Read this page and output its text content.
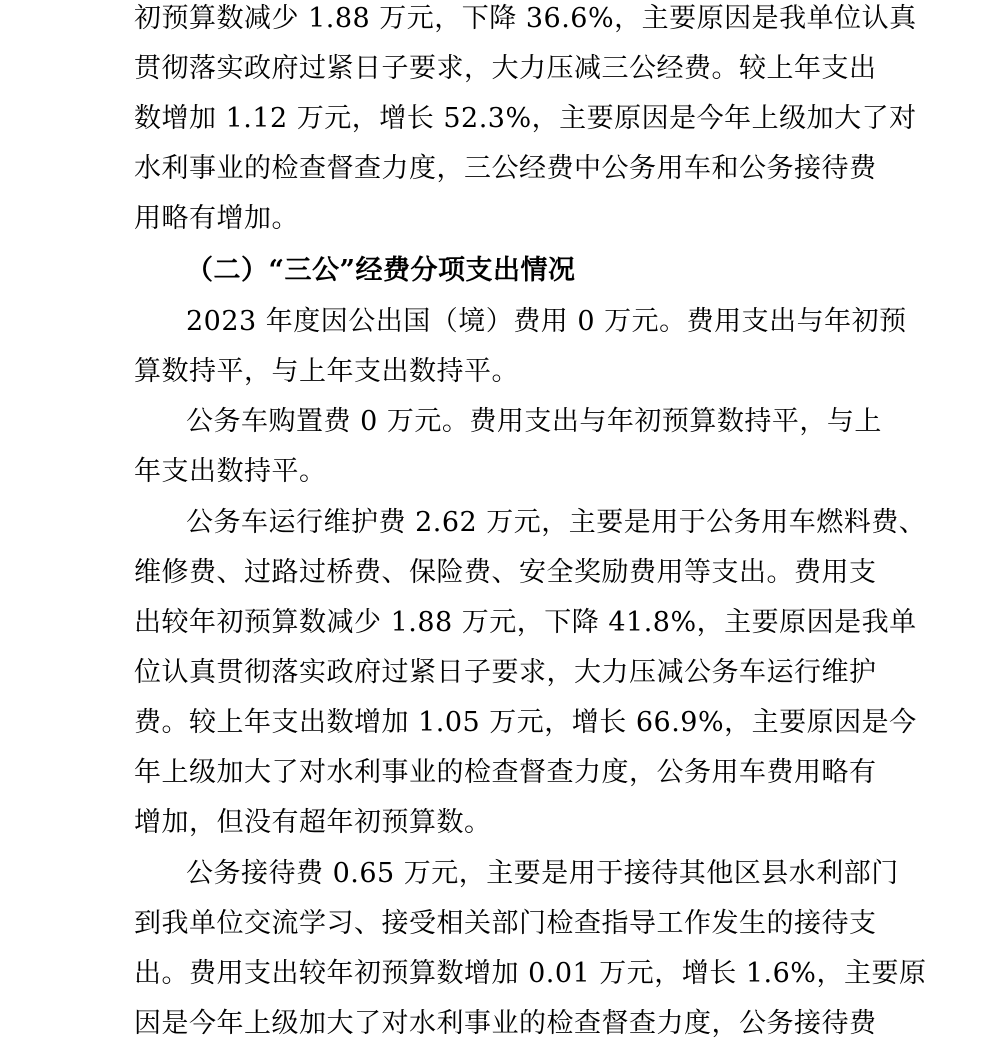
初预算数减少 1.88 万元，下降 36.6%，主要原因是我单位认真
贯彻落实政府过紧日子要求，大力压减三公经费。较上年支出
数增加 1.12 万元，增长 52.3%，主要原因是今年上级加大了对
水利事业的检查督查力度，三公经费中公务用车和公务接待费
用略有增加。
（二）“三公”经费分项支出情况
2023 年度因公出国（境）费用 0 万元。费用支出与年初预
算数持平，与上年支出数持平。
公务车购置费 0 万元。费用支出与年初预算数持平，与上
年支出数持平。
公务车运行维护费 2.62 万元，主要是用于公务用车燃料费、
维修费、过路过桥费、保险费、安全奖励费用等支出。费用支
出较年初预算数减少 1.88 万元，下降 41.8%，主要原因是我单
位认真贯彻落实政府过紧日子要求，大力压减公务车运行维护
费。较上年支出数增加 1.05 万元，增长 66.9%，主要原因是今
年上级加大了对水利事业的检查督查力度，公务用车费用略有
增加，但没有超年初预算数。
公务接待费 0.65 万元，主要是用于接待其他区县水利部门
到我单位交流学习、接受相关部门检查指导工作发生的接待支
出。费用支出较年初预算数增加 0.01 万元，增长 1.6%，主要原
因是今年上级加大了对水利事业的检查督查力度，公务接待费
